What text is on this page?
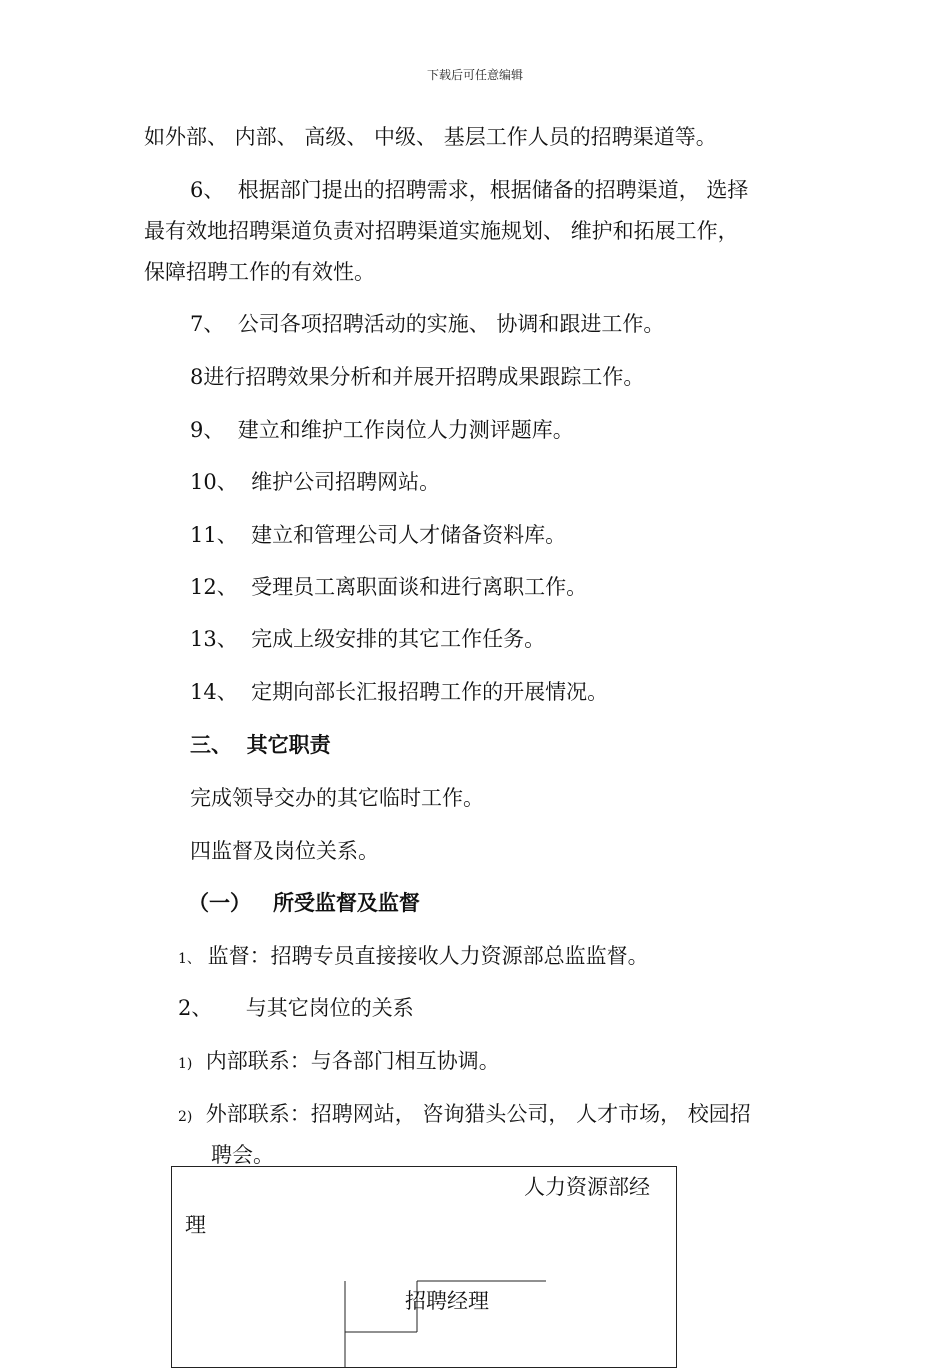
下载后可任意编辑
如外部、 内部、 高级、 中级、 基层工作人员的招聘渠道等。
6、 根据部门提出的招聘需求，根据储备的招聘渠道， 选择
最有效地招聘渠道负责对招聘渠道实施规划、 维护和拓展工作，
保障招聘工作的有效性。
7、 公司各项招聘活动的实施、 协调和跟进工作。
8进行招聘效果分析和并展开招聘成果跟踪工作。
9、 建立和维护工作岗位人力测评题库。
10、 维护公司招聘网站。
11、 建立和管理公司人才储备资料库。
12、 受理员工离职面谈和进行离职工作。
13、 完成上级安排的其它工作任务。
14、 定期向部长汇报招聘工作的开展情况。
三、 其它职责
完成领导交办的其它临时工作。
四监督及岗位关系。
（一） 所受监督及监督
1、 监督：招聘专员直接接收人力资源部总监监督。
2、 与其它岗位的关系
1) 内部联系：与各部门相互协调。
2) 外部联系：招聘网站， 咨询猎头公司， 人才市场， 校园招
聘会。
人力资源部经
理
招聘经理
